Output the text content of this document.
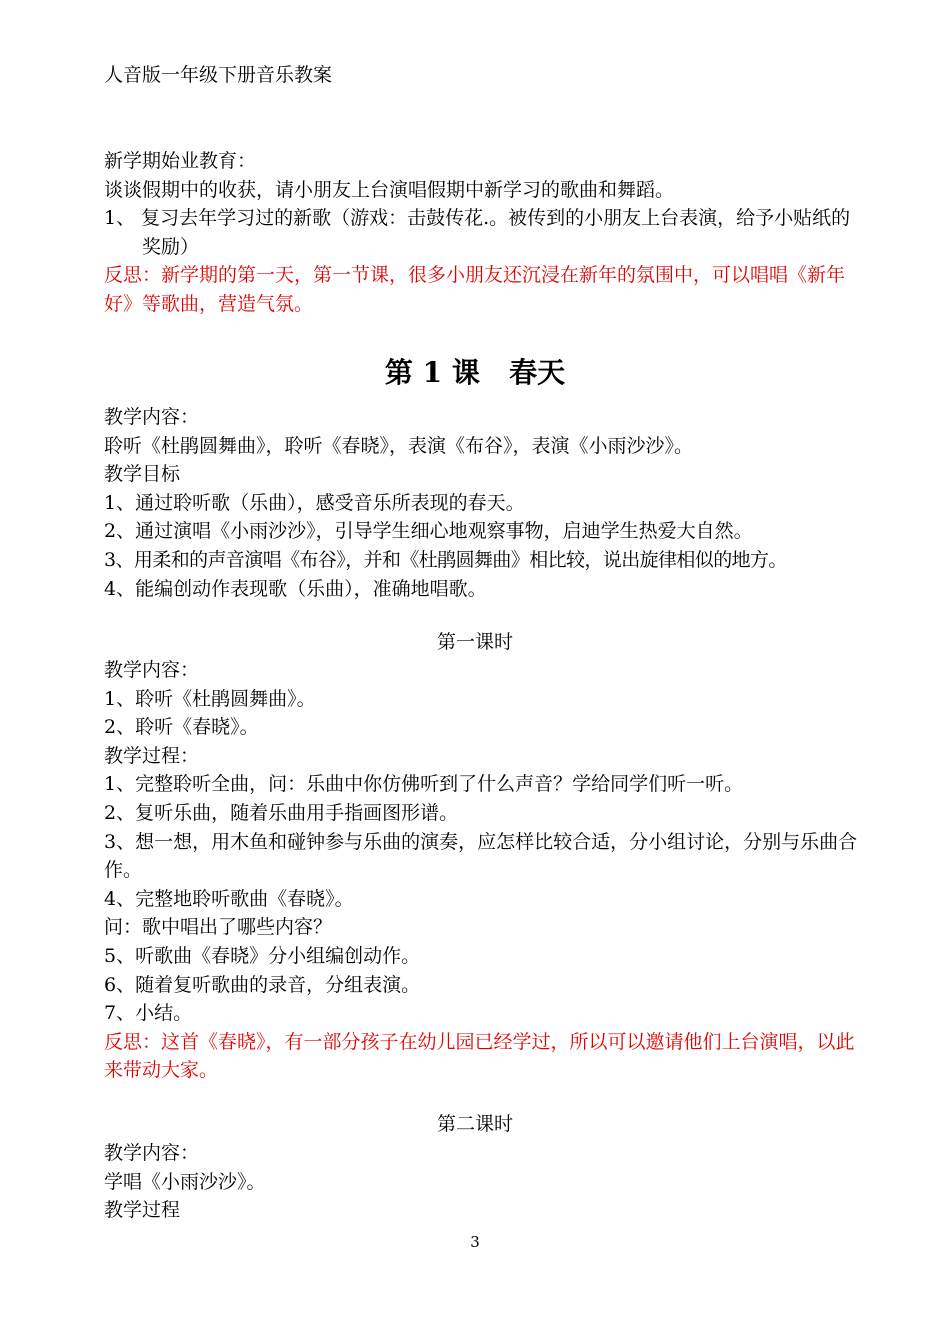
人音版一年级下册音乐教案
新学期始业教育：
谈谈假期中的收获，请小朋友上台演唱假期中新学习的歌曲和舞蹈。
1、 复习去年学习过的新歌（游戏：击鼓传花.。被传到的小朋友上台表演，给予小贴纸的奖励）
反思：新学期的第一天，第一节课，很多小朋友还沉浸在新年的氛围中，可以唱唱《新年好》等歌曲，营造气氛。
第 1 课   春天
教学内容：
聆听《杜鹃圆舞曲》，聆听《春晓》，表演《布谷》，表演《小雨沙沙》。
教学目标
1、通过聆听歌（乐曲），感受音乐所表现的春天。
2、通过演唱《小雨沙沙》，引导学生细心地观察事物，启迪学生热爱大自然。
3、用柔和的声音演唱《布谷》，并和《杜鹃圆舞曲》相比较，说出旋律相似的地方。
4、能编创动作表现歌（乐曲），准确地唱歌。
第一课时
教学内容：
1、聆听《杜鹃圆舞曲》。
2、聆听《春晓》。
教学过程：
1、完整聆听全曲，问：乐曲中你仿佛听到了什么声音？学给同学们听一听。
2、复听乐曲，随着乐曲用手指画图形谱。
3、想一想，用木鱼和碰钟参与乐曲的演奏，应怎样比较合适，分小组讨论，分别与乐曲合作。
4、完整地聆听歌曲《春晓》。
问：歌中唱出了哪些内容？
5、听歌曲《春晓》分小组编创动作。
6、随着复听歌曲的录音，分组表演。
7、小结。
反思：这首《春晓》，有一部分孩子在幼儿园已经学过，所以可以邀请他们上台演唱，以此来带动大家。
第二课时
教学内容：
学唱《小雨沙沙》。
教学过程
3
